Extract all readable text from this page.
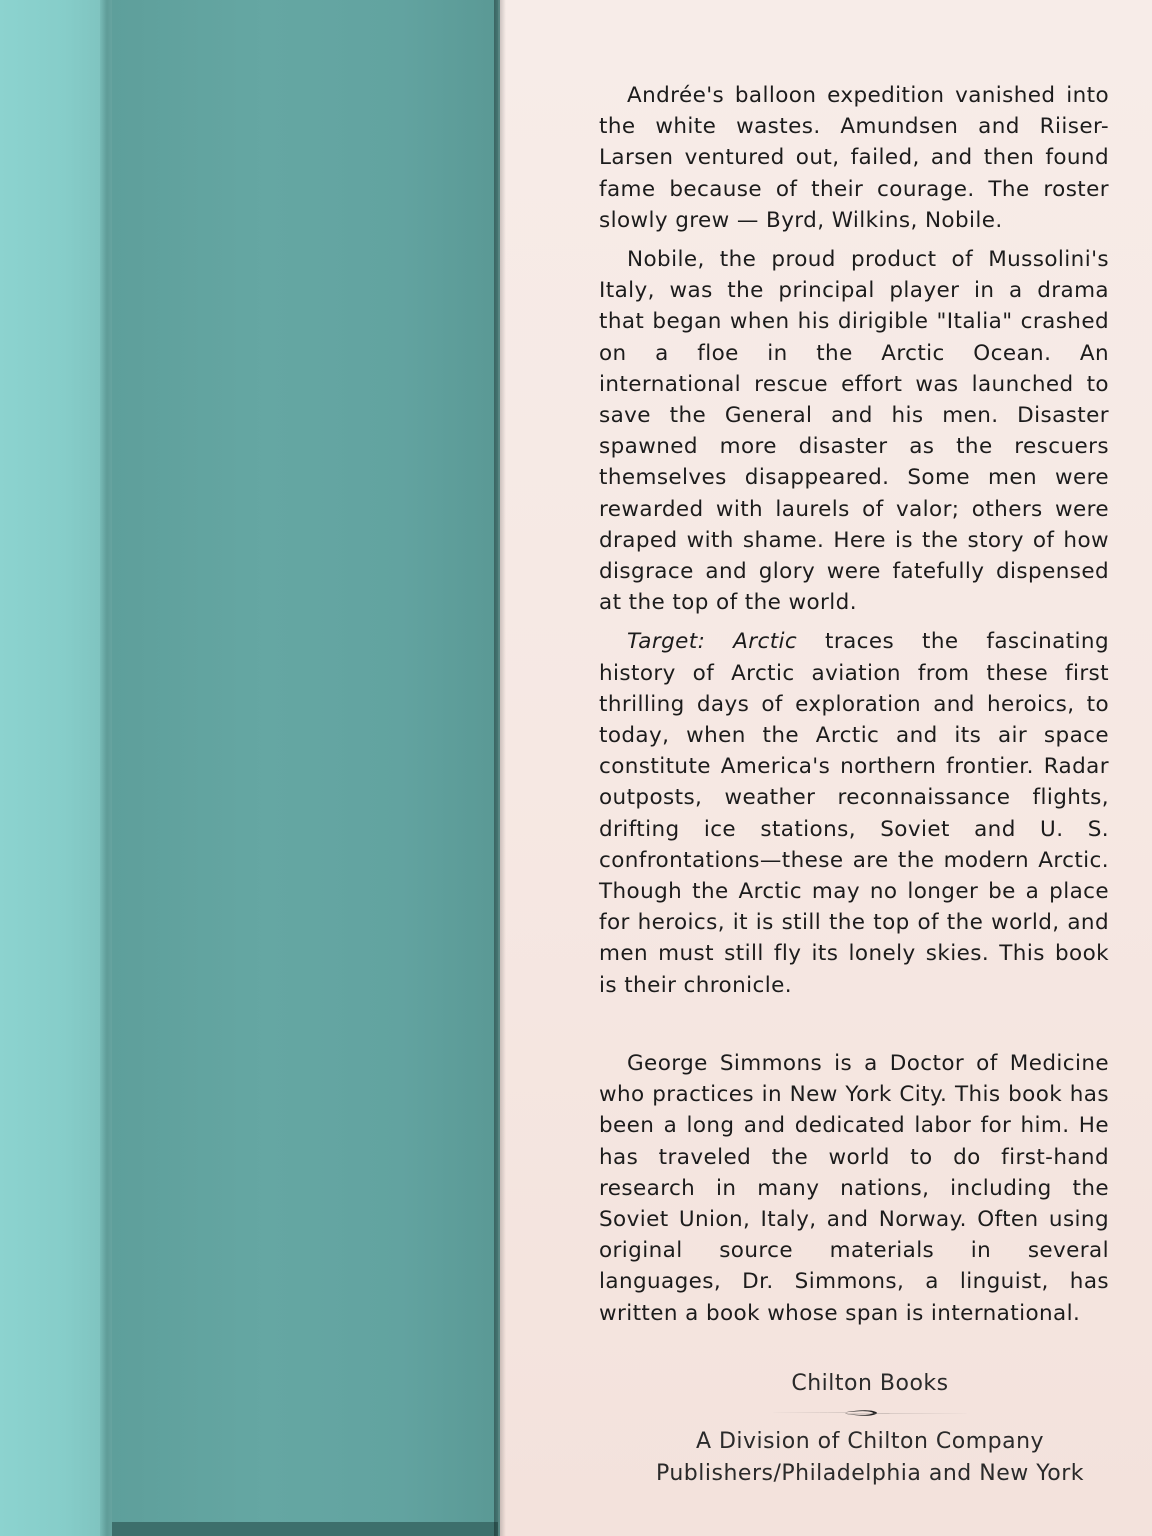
Andrée's balloon expedition vanished into the white wastes. Amundsen and Riiser-Larsen ventured out, failed, and then found fame because of their courage. The roster slowly grew — Byrd, Wilkins, Nobile.

Nobile, the proud product of Mussolini's Italy, was the principal player in a drama that began when his dirigible "Italia" crashed on a floe in the Arctic Ocean. An international rescue effort was launched to save the General and his men. Disaster spawned more disaster as the rescuers themselves disappeared. Some men were rewarded with laurels of valor; others were draped with shame. Here is the story of how disgrace and glory were fatefully dispensed at the top of the world.

Target: Arctic traces the fascinating history of Arctic aviation from these first thrilling days of exploration and heroics, to today, when the Arctic and its air space constitute America's northern frontier. Radar outposts, weather reconnaissance flights, drifting ice stations, Soviet and U. S. confrontations—these are the modern Arctic. Though the Arctic may no longer be a place for heroics, it is still the top of the world, and men must still fly its lonely skies. This book is their chronicle.

George Simmons is a Doctor of Medicine who practices in New York City. This book has been a long and dedicated labor for him. He has traveled the world to do first-hand research in many nations, including the Soviet Union, Italy, and Norway. Often using original source materials in several languages, Dr. Simmons, a linguist, has written a book whose span is international.

Chilton Books
A Division of Chilton Company
Publishers/Philadelphia and New York
